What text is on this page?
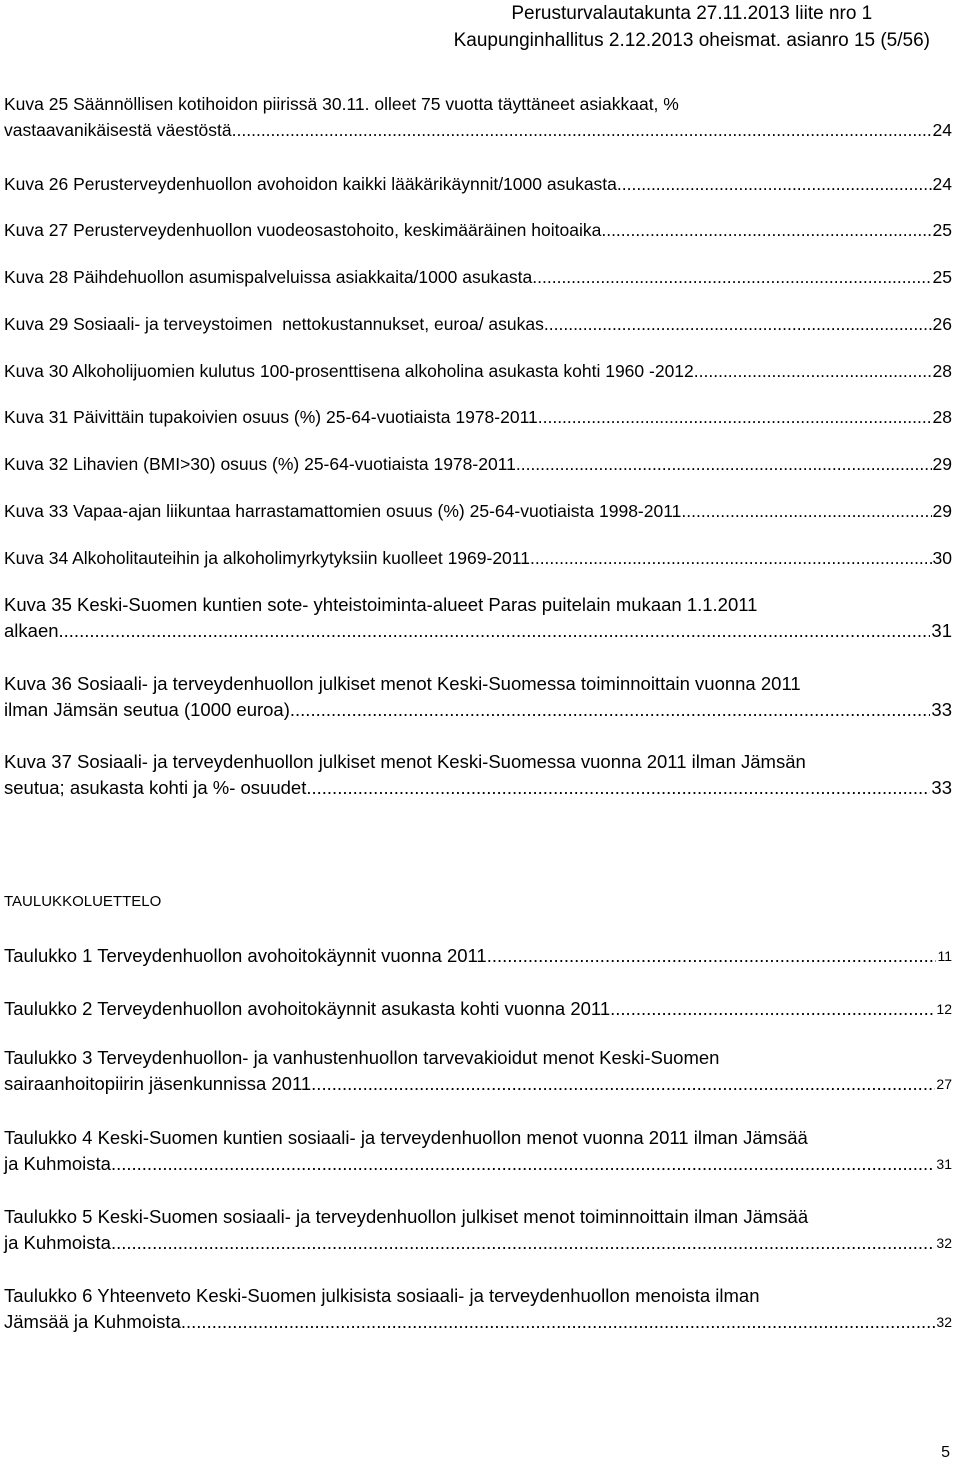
Perusturvalautakunta 27.11.2013 liite nro 1
Kaupunginhallitus 2.12.2013 oheismat. asianro 15 (5/56)
Kuva 25 Säännöllisen kotihoidon piirissä 30.11. olleet 75 vuotta täyttäneet asiakkaat, %
vastaavanikäisestä väestöstä .....	24
Kuva 26 Perusterveydenhuollon avohoidon kaikki lääkärikäynnit/1000 asukasta .....	24
Kuva 27 Perusterveydenhuollon vuodeosastohoito, keskimääräinen hoitoaika .....	25
Kuva 28 Päihdehuollon asumispalveluissa asiakkaita/1000 asukasta .....	25
Kuva 29 Sosiaali- ja terveystoimen  nettokustannukset, euroa/ asukas .....	26
Kuva 30 Alkoholijuomien kulutus 100-prosenttisena alkoholina asukasta kohti 1960 -2012 .....	28
Kuva 31 Päivittäin tupakoivien osuus (%) 25-64-vuotiaista 1978-2011 .....	28
Kuva 32 Lihavien (BMI>30) osuus (%) 25-64-vuotiaista 1978-2011 .....	29
Kuva 33 Vapaa-ajan liikuntaa harrastamattomien osuus (%) 25-64-vuotiaista 1998-2011 .....	29
Kuva 34 Alkoholitauteihin ja alkoholimyrkytyksiin kuolleet 1969-2011 .....	30
Kuva 35 Keski-Suomen kuntien sote- yhteistoiminta-alueet Paras puitelain mukaan 1.1.2011
alkaen .....	31
Kuva 36 Sosiaali- ja terveydenhuollon julkiset menot Keski-Suomessa toiminnoittain vuonna 2011
ilman Jämsän seutua (1000 euroa) .....	33
Kuva 37 Sosiaali- ja terveydenhuollon julkiset menot Keski-Suomessa vuonna 2011 ilman Jämsän
seutua; asukasta kohti ja %- osuudet .....	33
TAULUKKOLUETTELO
Taulukko 1 Terveydenhuollon avohoitokäynnit vuonna 2011 .....	11
Taulukko 2 Terveydenhuollon avohoitokäynnit asukasta kohti vuonna 2011 .....	12
Taulukko 3 Terveydenhuollon- ja vanhustenhuollon tarvevakioidut menot Keski-Suomen
sairaanhoitopiirin jäsenkunnissa 2011 .....	27
Taulukko 4 Keski-Suomen kuntien sosiaali- ja terveydenhuollon menot vuonna 2011 ilman Jämsää
ja Kuhmoista .....	31
Taulukko 5 Keski-Suomen sosiaali- ja terveydenhuollon julkiset menot toiminnoittain ilman Jämsää
ja Kuhmoista .....	32
Taulukko 6 Yhteenveto Keski-Suomen julkisista sosiaali- ja terveydenhuollon menoista ilman
Jämsää ja Kuhmoista .....	32
5
